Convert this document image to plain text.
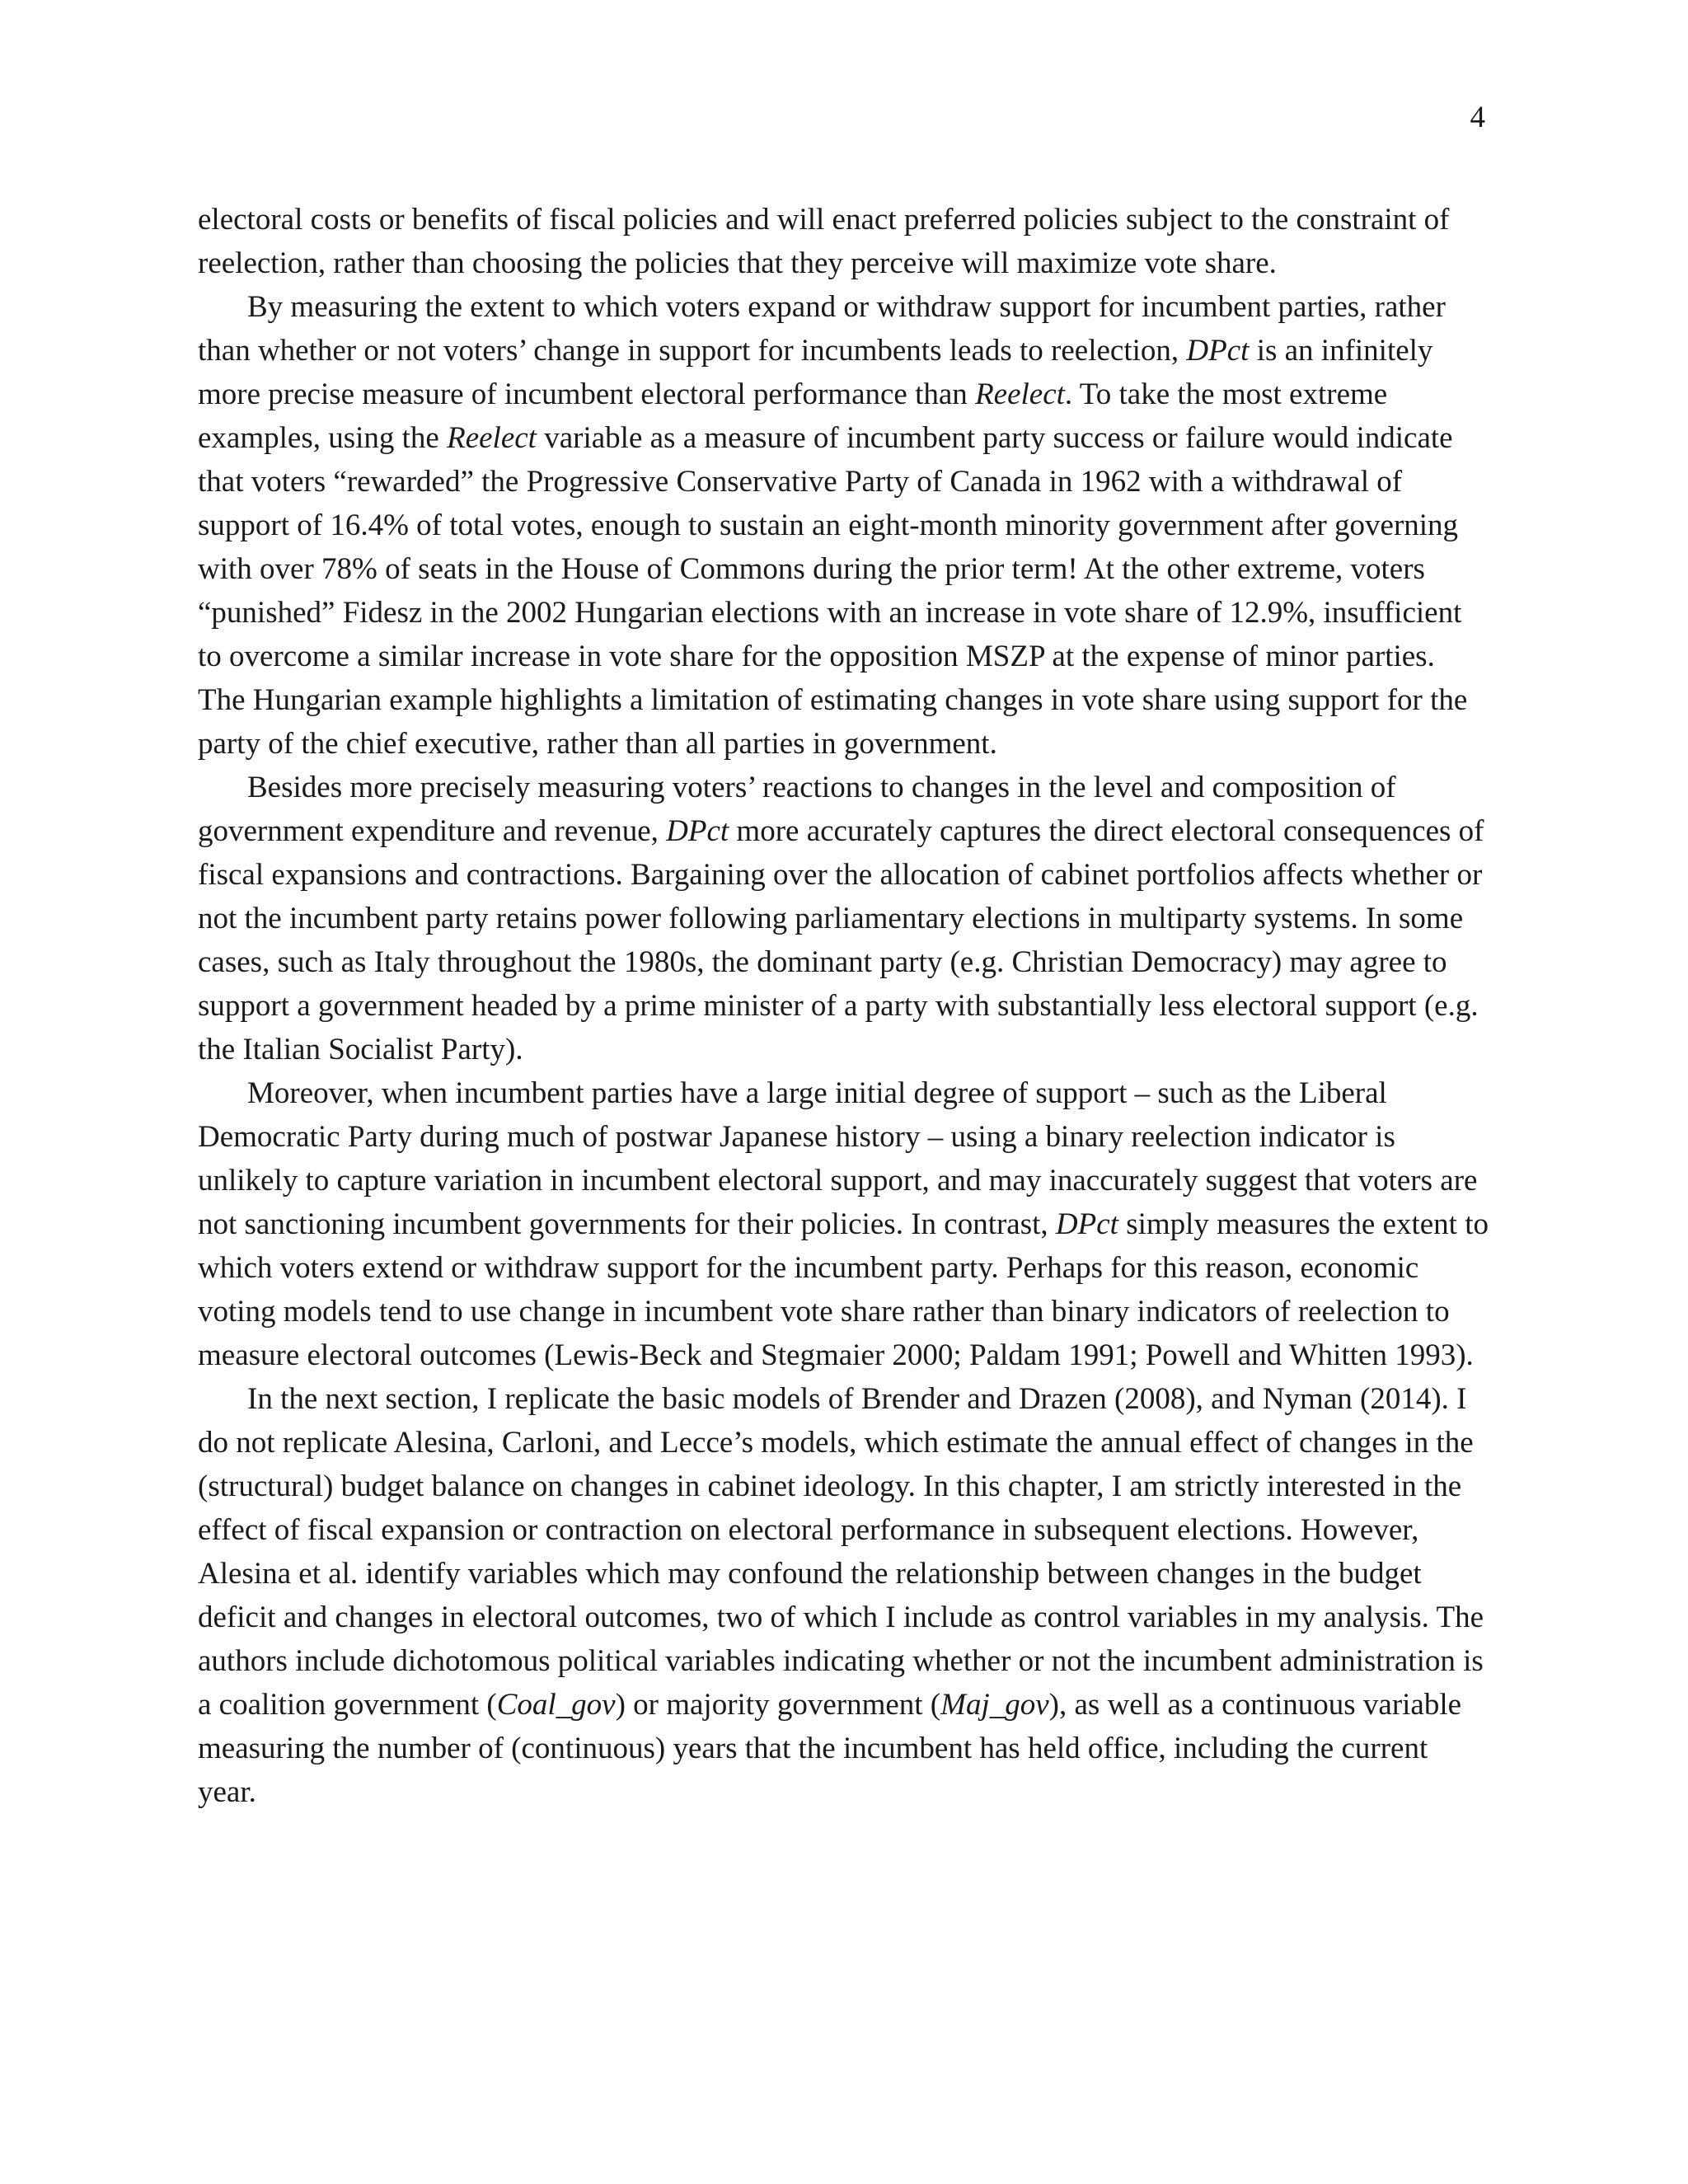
4

electoral costs or benefits of fiscal policies and will enact preferred policies subject to the constraint of reelection, rather than choosing the policies that they perceive will maximize vote share.

By measuring the extent to which voters expand or withdraw support for incumbent parties, rather than whether or not voters’ change in support for incumbents leads to reelection, DPct is an infinitely more precise measure of incumbent electoral performance than Reelect. To take the most extreme examples, using the Reelect variable as a measure of incumbent party success or failure would indicate that voters “rewarded” the Progressive Conservative Party of Canada in 1962 with a withdrawal of support of 16.4% of total votes, enough to sustain an eight-month minority government after governing with over 78% of seats in the House of Commons during the prior term! At the other extreme, voters “punished” Fidesz in the 2002 Hungarian elections with an increase in vote share of 12.9%, insufficient to overcome a similar increase in vote share for the opposition MSZP at the expense of minor parties. The Hungarian example highlights a limitation of estimating changes in vote share using support for the party of the chief executive, rather than all parties in government.

Besides more precisely measuring voters’ reactions to changes in the level and composition of government expenditure and revenue, DPct more accurately captures the direct electoral consequences of fiscal expansions and contractions. Bargaining over the allocation of cabinet portfolios affects whether or not the incumbent party retains power following parliamentary elections in multiparty systems. In some cases, such as Italy throughout the 1980s, the dominant party (e.g. Christian Democracy) may agree to support a government headed by a prime minister of a party with substantially less electoral support (e.g. the Italian Socialist Party).

Moreover, when incumbent parties have a large initial degree of support – such as the Liberal Democratic Party during much of postwar Japanese history – using a binary reelection indicator is unlikely to capture variation in incumbent electoral support, and may inaccurately suggest that voters are not sanctioning incumbent governments for their policies. In contrast, DPct simply measures the extent to which voters extend or withdraw support for the incumbent party. Perhaps for this reason, economic voting models tend to use change in incumbent vote share rather than binary indicators of reelection to measure electoral outcomes (Lewis-Beck and Stegmaier 2000; Paldam 1991; Powell and Whitten 1993).

In the next section, I replicate the basic models of Brender and Drazen (2008), and Nyman (2014). I do not replicate Alesina, Carloni, and Lecce’s models, which estimate the annual effect of changes in the (structural) budget balance on changes in cabinet ideology. In this chapter, I am strictly interested in the effect of fiscal expansion or contraction on electoral performance in subsequent elections. However, Alesina et al. identify variables which may confound the relationship between changes in the budget deficit and changes in electoral outcomes, two of which I include as control variables in my analysis. The authors include dichotomous political variables indicating whether or not the incumbent administration is a coalition government (Coal_gov) or majority government (Maj_gov), as well as a continuous variable measuring the number of (continuous) years that the incumbent has held office, including the current year.
